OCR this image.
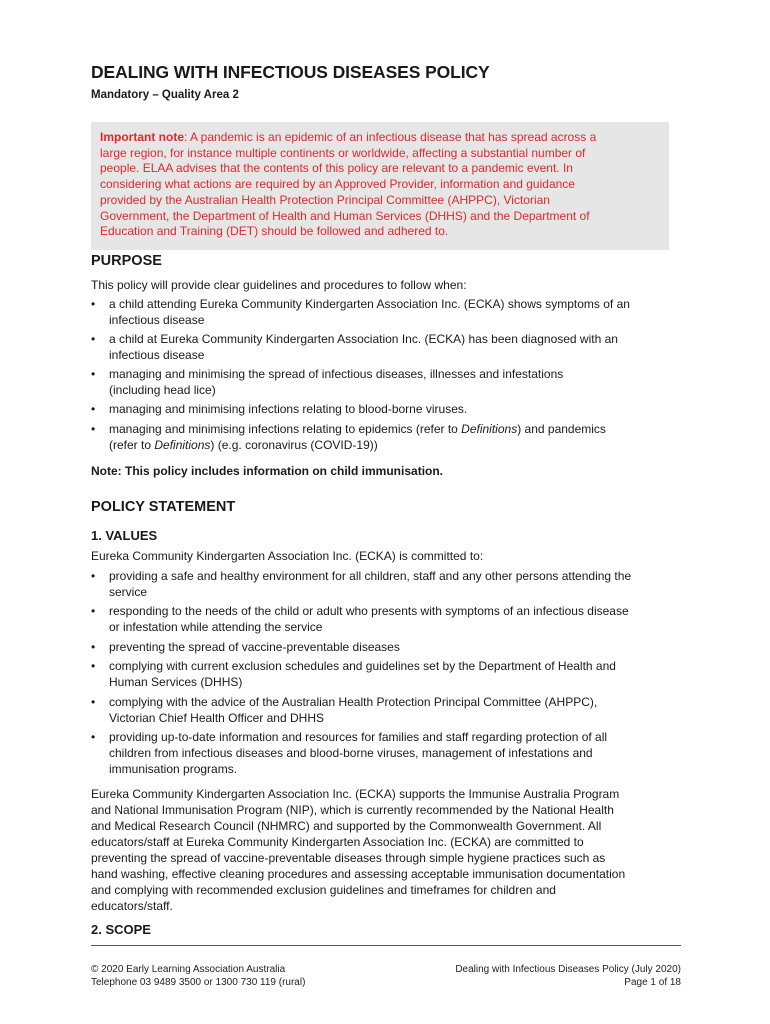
DEALING WITH INFECTIOUS DISEASES POLICY
Mandatory – Quality Area 2
Important note: A pandemic is an epidemic of an infectious disease that has spread across a
large region, for instance multiple continents or worldwide, affecting a substantial number of
people. ELAA advises that the contents of this policy are relevant to a pandemic event. In
considering what actions are required by an Approved Provider, information and guidance
provided by the Australian Health Protection Principal Committee (AHPPC), Victorian
Government, the Department of Health and Human Services (DHHS) and the Department of
Education and Training (DET) should be followed and adhered to.
PURPOSE
This policy will provide clear guidelines and procedures to follow when:
•	a child attending Eureka Community Kindergarten Association Inc. (ECKA) shows symptoms of an
infectious disease
•	a child at Eureka Community Kindergarten Association Inc. (ECKA) has been diagnosed with an
infectious disease
•	managing and minimising the spread of infectious diseases, illnesses and infestations
(including head lice)
•	managing and minimising infections relating to blood-borne viruses.
•	managing and minimising infections relating to epidemics (refer to Definitions) and pandemics
(refer to Definitions) (e.g. coronavirus (COVID-19))
Note: This policy includes information on child immunisation.
POLICY STATEMENT
1. VALUES
Eureka Community Kindergarten Association Inc. (ECKA) is committed to:
•	providing a safe and healthy environment for all children, staff and any other persons attending the
service
•	responding to the needs of the child or adult who presents with symptoms of an infectious disease
or infestation while attending the service
•	preventing the spread of vaccine-preventable diseases
•	complying with current exclusion schedules and guidelines set by the Department of Health and
Human Services (DHHS)
•	complying with the advice of the Australian Health Protection Principal Committee (AHPPC),
Victorian Chief Health Officer and DHHS
•	providing up-to-date information and resources for families and staff regarding protection of all
children from infectious diseases and blood-borne viruses, management of infestations and
immunisation programs.
Eureka Community Kindergarten Association Inc. (ECKA) supports the Immunise Australia Program
and National Immunisation Program (NIP), which is currently recommended by the National Health
and Medical Research Council (NHMRC) and supported by the Commonwealth Government. All
educators/staff at Eureka Community Kindergarten Association Inc. (ECKA) are committed to
preventing the spread of vaccine-preventable diseases through simple hygiene practices such as
hand washing, effective cleaning procedures and assessing acceptable immunisation documentation
and complying with recommended exclusion guidelines and timeframes for children and
educators/staff.
2. SCOPE
© 2020 Early Learning Association Australia
Telephone 03 9489 3500 or 1300 730 119 (rural)
Dealing with Infectious Diseases Policy (July 2020)
Page 1 of 18
